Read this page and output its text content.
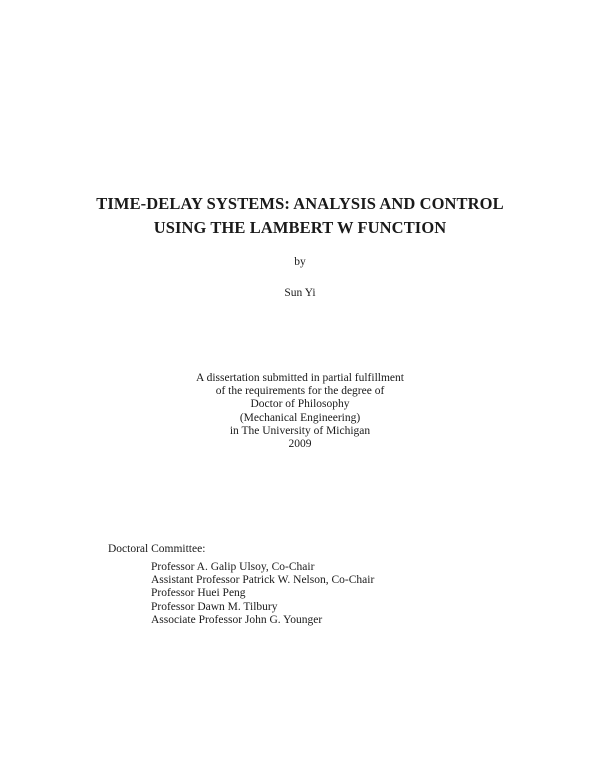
TIME-DELAY SYSTEMS: ANALYSIS AND CONTROL
USING THE LAMBERT W FUNCTION
by
Sun Yi
A dissertation submitted in partial fulfillment
of the requirements for the degree of
Doctor of Philosophy
(Mechanical Engineering)
in The University of Michigan
2009
Doctoral Committee:
Professor A. Galip Ulsoy, Co-Chair
Assistant Professor Patrick W. Nelson, Co-Chair
Professor Huei Peng
Professor Dawn M. Tilbury
Associate Professor John G. Younger
